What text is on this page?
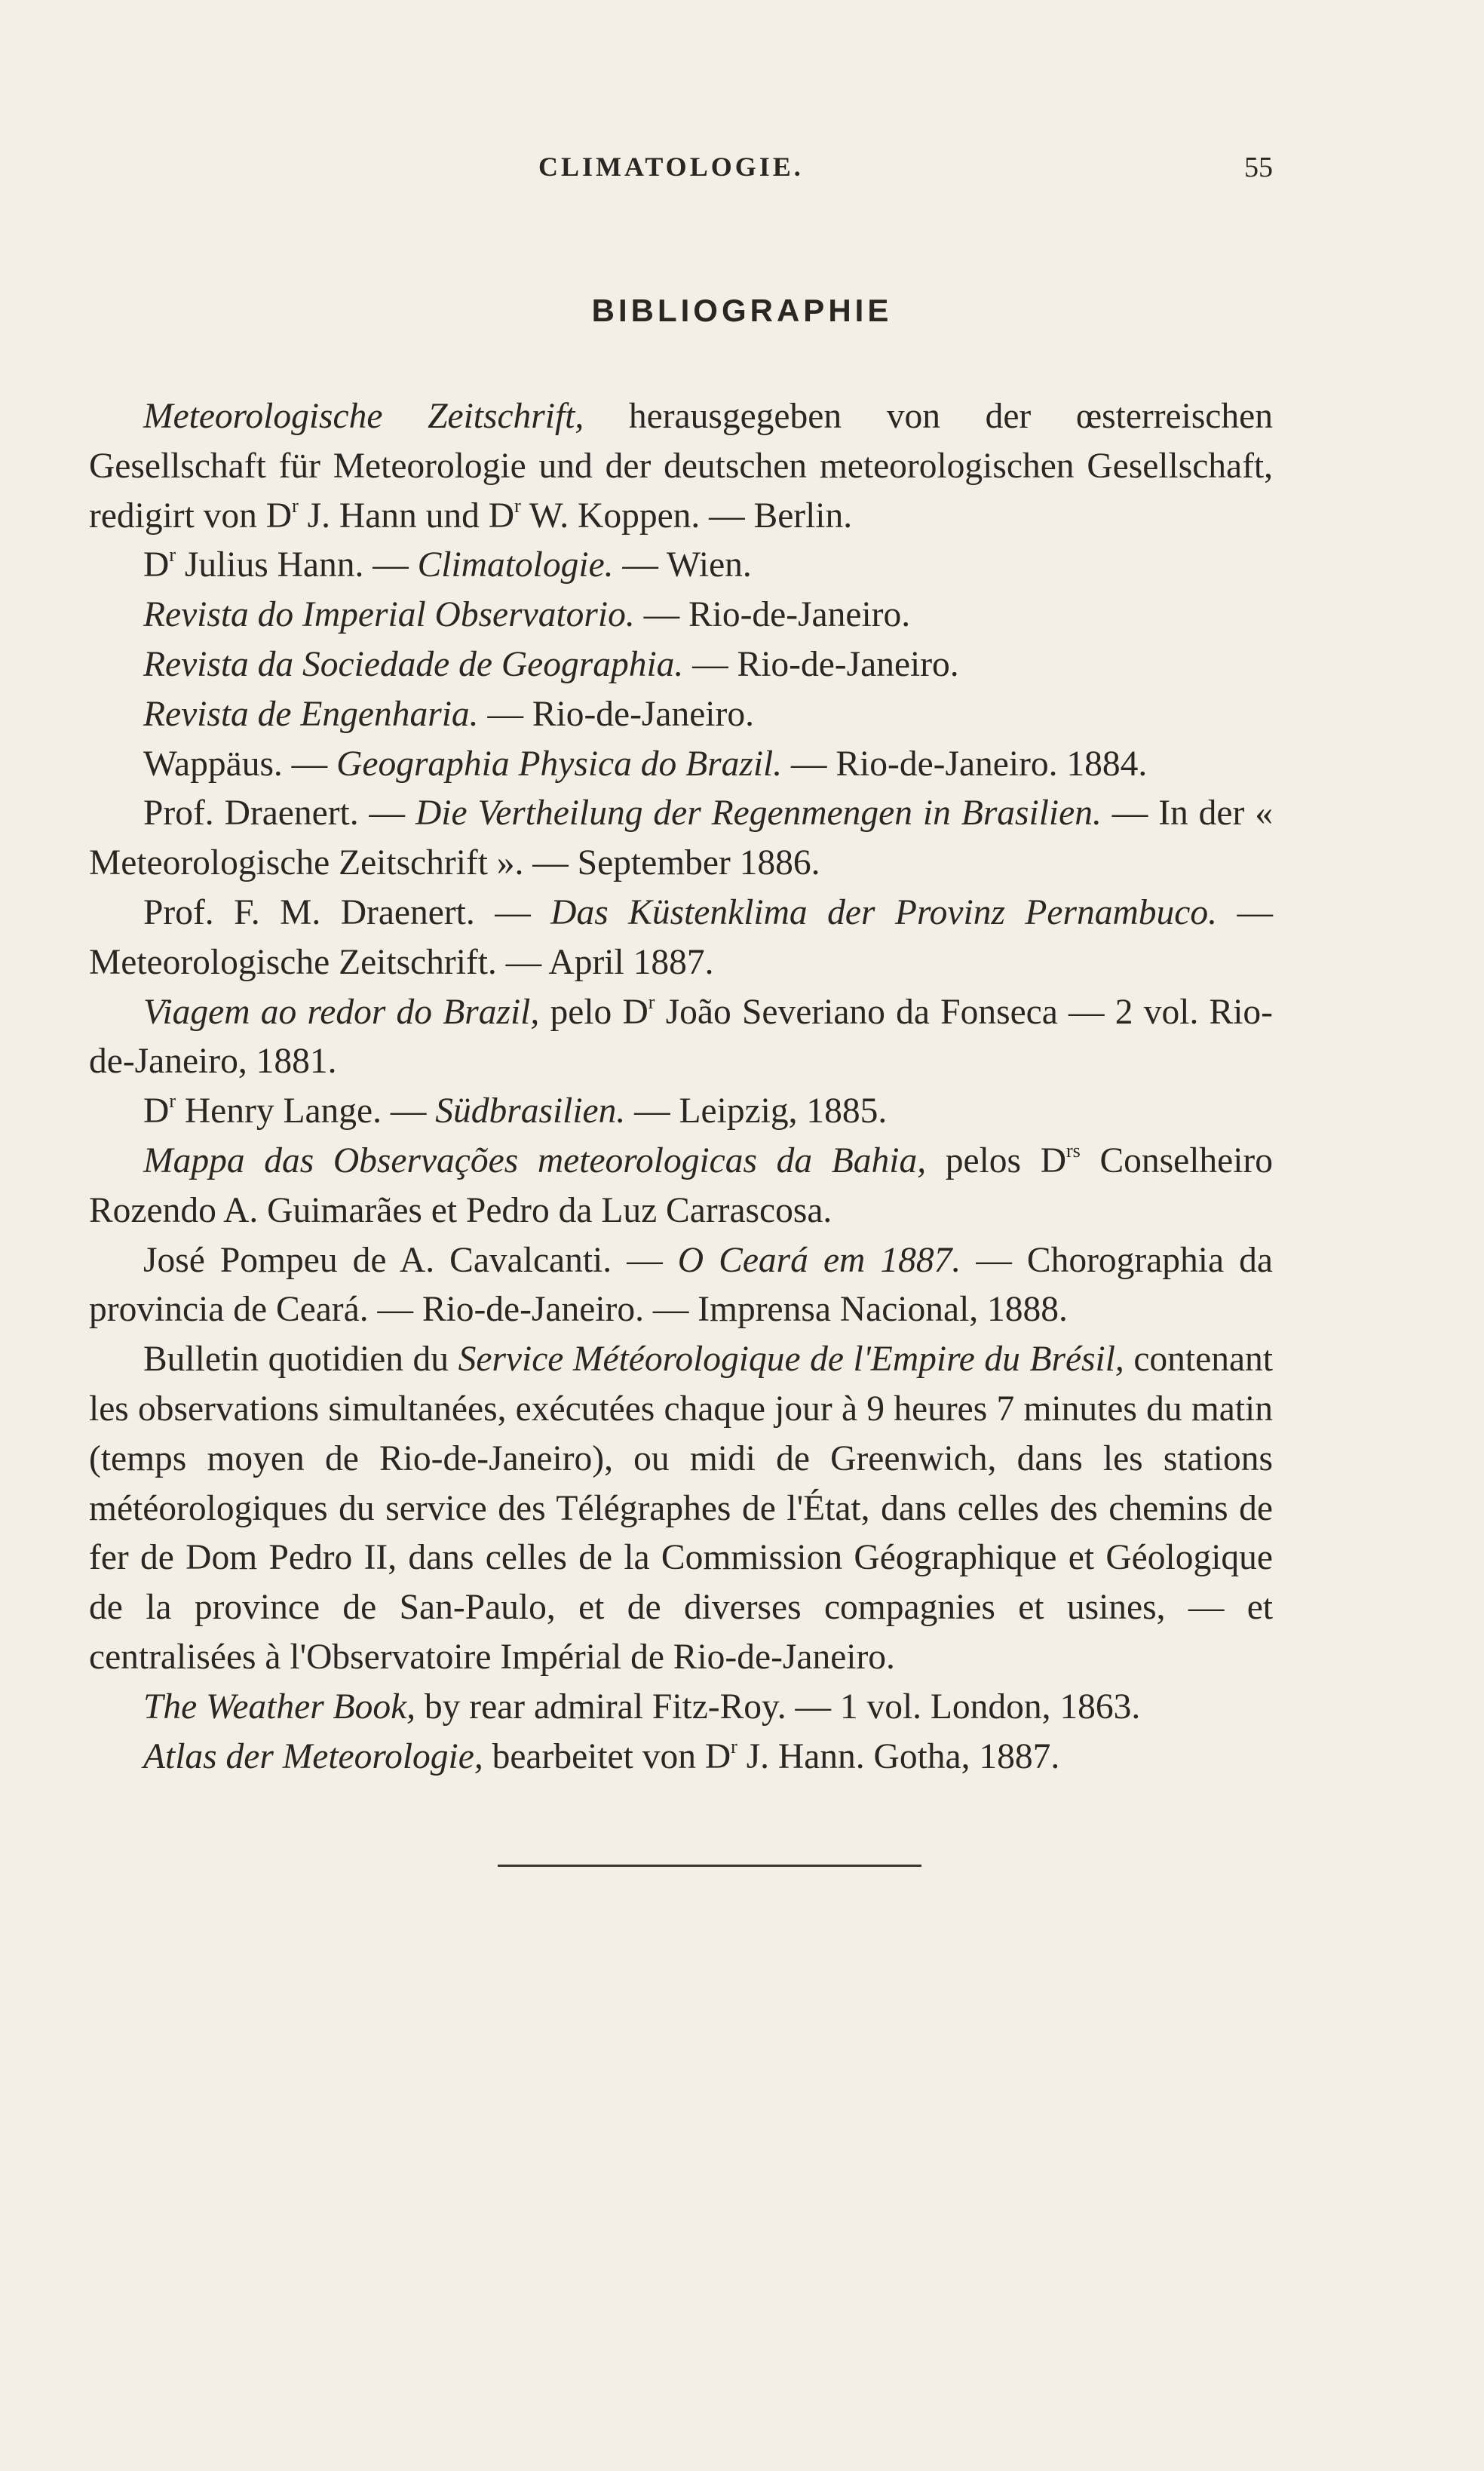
CLIMATOLOGIE.	55
BIBLIOGRAPHIE

Meteorologische Zeitschrift, herausgegeben von der œsterreischen Gesellschaft für Meteorologie und der deutschen meteorologischen Gesellschaft, redigirt von $D^r$ J. Hann und $D^r$ W. Koppen. — Berlin.

$D^r$ Julius Hann. — Climatologie. — Wien.

Revista do Imperial Observatorio. — Rio-de-Janeiro.

Revista da Sociedade de Geographia. — Rio-de-Janeiro.

Revista de Engenharia. — Rio-de-Janeiro.

Wappäus. — Geographia Physica do Brazil. — Rio-de-Janeiro. 1884.

Prof. Draenert. — Die Vertheilung der Regenmengen in Brasilien. — In der « Meteorologische Zeitschrift ». — September 1886.

Prof. F. M. Draenert. — Das Küstenklima der Provinz Pernambuco. — Meteorologische Zeitschrift. — April 1887.

Viagem ao redor do Brazil, pelo $D^r$ João Severiano da Fonseca — 2 vol. Rio-de-Janeiro, 1881.

$D^r$ Henry Lange. — Südbrasilien. — Leipzig, 1885.

Mappa das Observações meteorologicas da Bahia, pelos $D^{rs}$ Conselheiro Rozendo A. Guimarães et Pedro da Luz Carrascosa.

José Pompeu de A. Cavalcanti. — O Ceará em 1887. — Chorographia da provincia de Ceará. — Rio-de-Janeiro. — Imprensa Nacional, 1888.

Bulletin quotidien du Service Météorologique de l'Empire du Brésil, contenant les observations simultanées, exécutées chaque jour à 9 heures 7 minutes du matin (temps moyen de Rio-de-Janeiro), ou midi de Greenwich, dans les stations météorologiques du service des Télégraphes de l'État, dans celles des chemins de fer de Dom Pedro II, dans celles de la Commission Géographique et Géologique de la province de San-Paulo, et de diverses compagnies et usines, — et centralisées à l'Observatoire Impérial de Rio-de-Janeiro.

The Weather Book, by rear admiral Fitz-Roy. — 1 vol. London, 1863.

Atlas der Meteorologie, bearbeitet von $D^r$ J. Hann. Gotha, 1887.
